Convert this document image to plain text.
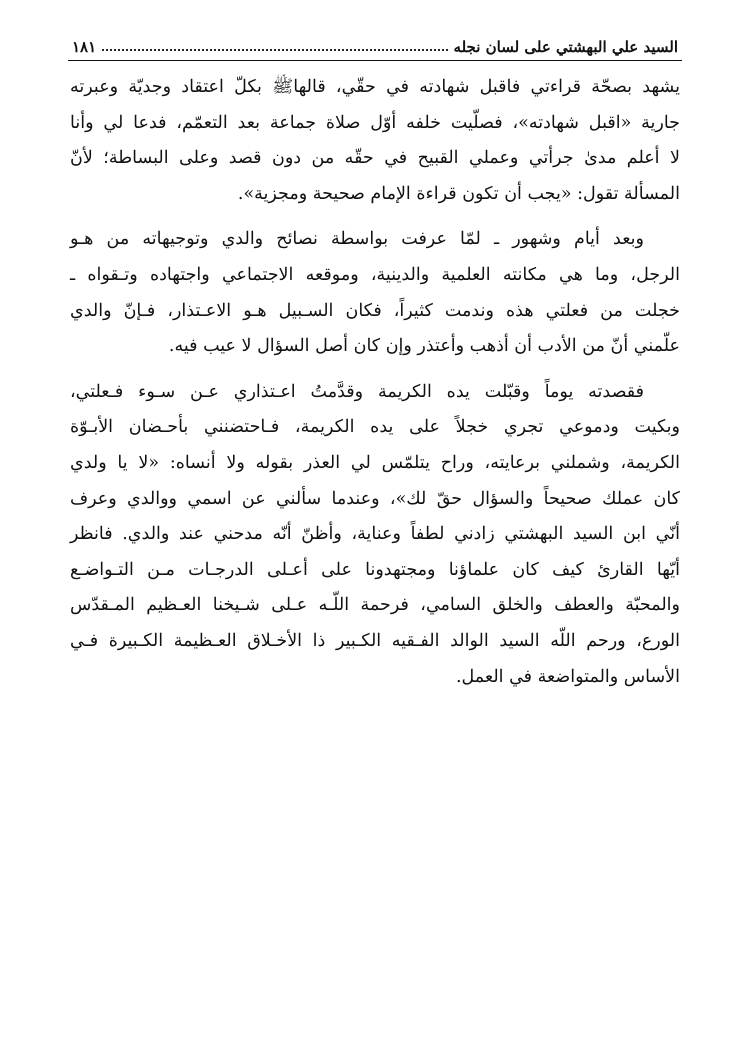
السيد علي البهشتي على لسان نجله
١٨١

يشهد بصحّة قراءتي فاقبل شهادته في حقّي، قالهاﷺ بكلّ اعتقاد وجديّة وعبرته
جارية «اقبل شهادته»، فصلّيت خلفه أوّل صلاة جماعة بعد التعمّم، فدعا لي وأنا
لا أعلم مدىٰ جرأتي وعملي القبيح في حقّه من دون قصد وعلى البساطة؛ لأنّ
المسألة تقول: «يجب أن تكون قراءة الإمام صحيحة ومجزية».

وبعد أيام وشهور ـ لمّا عرفت بواسطة نصائح والدي وتوجيهاته من هـو
الرجل، وما هي مكانته العلمية والدينية، وموقعه الاجتماعي واجتهاده وتـقواه ـ
خجلت من فعلتي هذه وندمت كثيراً، فكان السـبيل هـو الاعـتذار، فـإنّ والدي
علّمني أنّ من الأدب أن أذهب وأعتذر وإن كان أصل السؤال لا عيب فيه.

فقصدته يوماً وقبّلت يده الكريمة وقدَّمتُ اعـتذاري عـن سـوء فـعلتي،
وبكيت ودموعي تجري خجلاً على يده الكريمة، فـاحتضنني بأحـضان الأبـوّة
الكريمة، وشملني برعايته، وراح يتلمّس لي العذر بقوله ولا أنساه: «لا يا ولدي
كان عملك صحيحاً والسؤال حقّ لك»، وعندما سألني عن اسمي ووالدي وعرف
أنّي ابن السيد البهشتي زادني لطفاً وعناية، وأظنّ أنّه مدحني عند والدي. فانظر
أيّها القارئ كيف كان علماؤنا ومجتهدونا على أعـلى الدرجـات مـن التـواضـع
والمحبّة والعطف والخلق السامي، فرحمة اللّـه عـلى شـيخنا العـظيم المـقدّس
الورع، ورحم اللّه السيد الوالد الفـقيه الكـبير ذا الأخـلاق العـظيمة الكـبيرة فـي
الأساس والمتواضعة في العمل.
